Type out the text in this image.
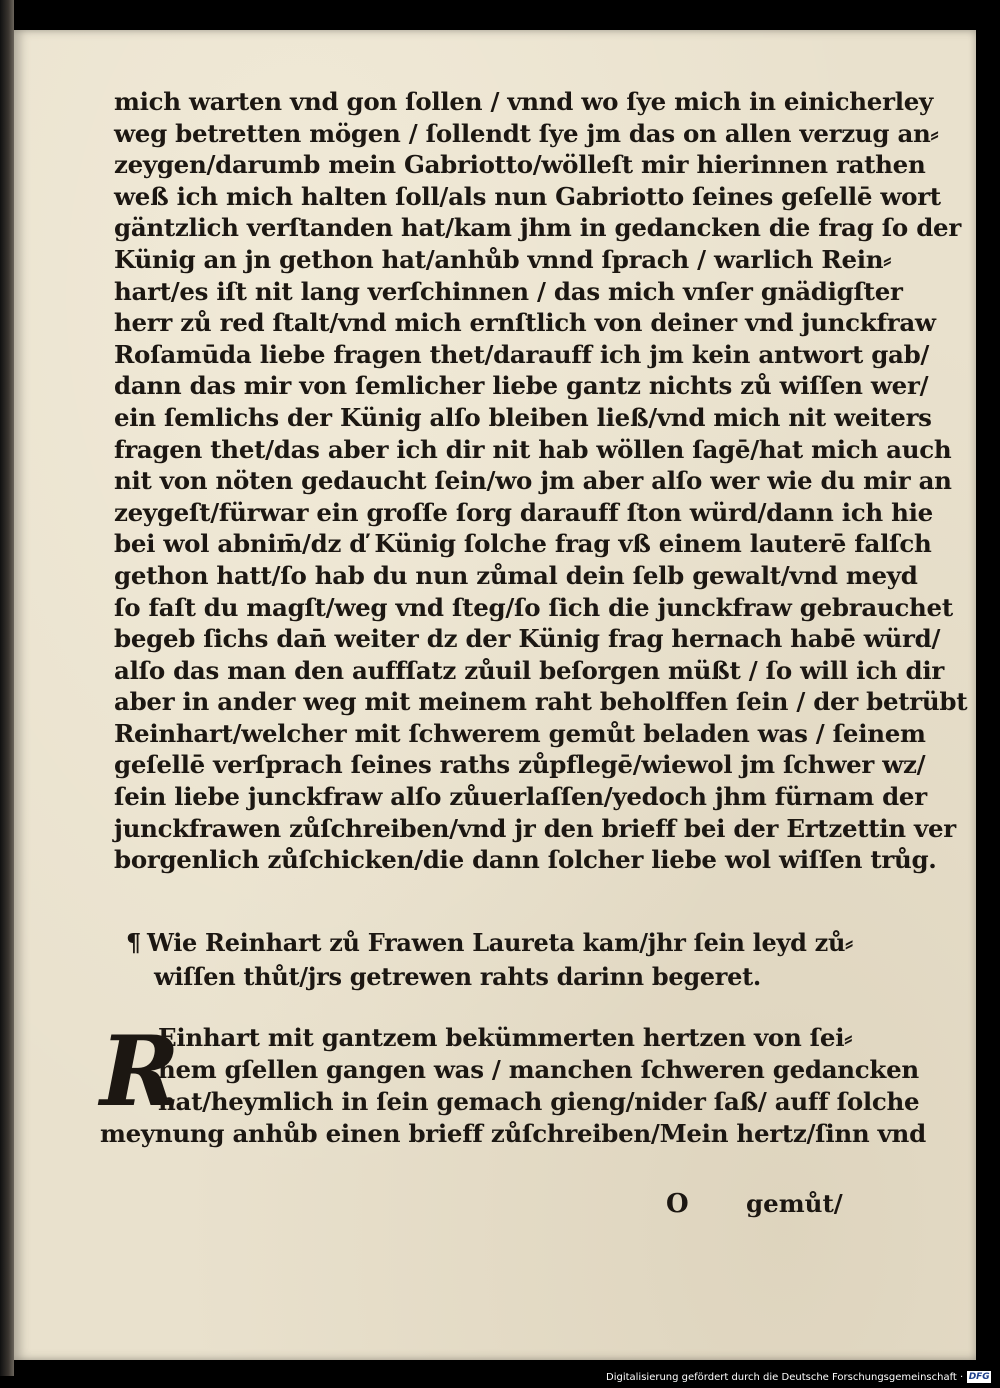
mich warten vnd gon ſollen / vnnd wo ſye mich in einicherley
weg betretten mögen / ſollendt ſye jm das on allen verzug an⸗
zeygen/darumb mein Gabriotto/wölleſt mir hierinnen rathen
weß ich mich halten ſoll/als nun Gabriotto ſeines geſellē wort
gäntzlich verſtanden hat/kam jhm in gedancken die frag ſo der
Künig an jn gethon hat/anhůb vnnd ſprach / warlich Rein⸗
hart/es iſt nit lang verſchinnen / das mich vnſer gnädigſter
herr zů red ſtalt/vnd mich ernſtlich von deiner vnd junckfraw
Roſamūda liebe fragen thet/darauff ich jm kein antwort gab/
dann das mir von ſemlicher liebe gantz nichts zů wiſſen wer/
ein ſemlichs der Künig alſo bleiben ließ/vnd mich nit weiters
fragen thet/das aber ich dir nit hab wöllen ſagē/hat mich auch
nit von nöten gedaucht ſein/wo jm aber alſo wer wie du mir an
zeygeſt/fürwar ein groſſe ſorg darauff ſton würd/dann ich hie
bei wol abnim̄/dz ď Künig ſolche frag vß einem lauterē falſch
gethon hatt/ſo hab du nun zůmal dein ſelb gewalt/vnd meyd
ſo faſt du magſt/weg vnd ſteg/ſo ſich die junckfraw gebrauchet
begeb ſichs dan̄ weiter dz der Künig frag hernach habē würd/
alſo das man den auffſatz zůuil beſorgen müßt / ſo will ich dir
aber in ander weg mit meinem raht beholffen ſein / der betrübt
Reinhart/welcher mit ſchwerem gemůt beladen was / ſeinem
geſellē verſprach ſeines raths zůpflegē/wiewol jm ſchwer wz/
ſein liebe junckfraw alſo zůuerlaſſen/yedoch jhm fürnam der
junckfrawen zůſchreiben/vnd jr den brieff bei der Ertzettin ver
borgenlich zůſchicken/die dann ſolcher liebe wol wiſſen trůg.
¶ Wie Reinhart zů Frawen Laureta kam/jhr ſein leyd zů⸗
wiſſen thůt/jrs getrewen rahts darinn begeret.
R
Einhart mit gantzem bekümmerten hertzen von ſei⸗
nem gſellen gangen was / manchen ſchweren gedancken
hat/heymlich in ſein gemach gieng/nider ſaß/ auff ſolche
meynung anhůb einen brieff zůſchreiben/Mein hertz/ſinn vnd
O gemůt/
Digitalisierung gefördert durch die Deutsche Forschungsgemeinschaft · DFG
